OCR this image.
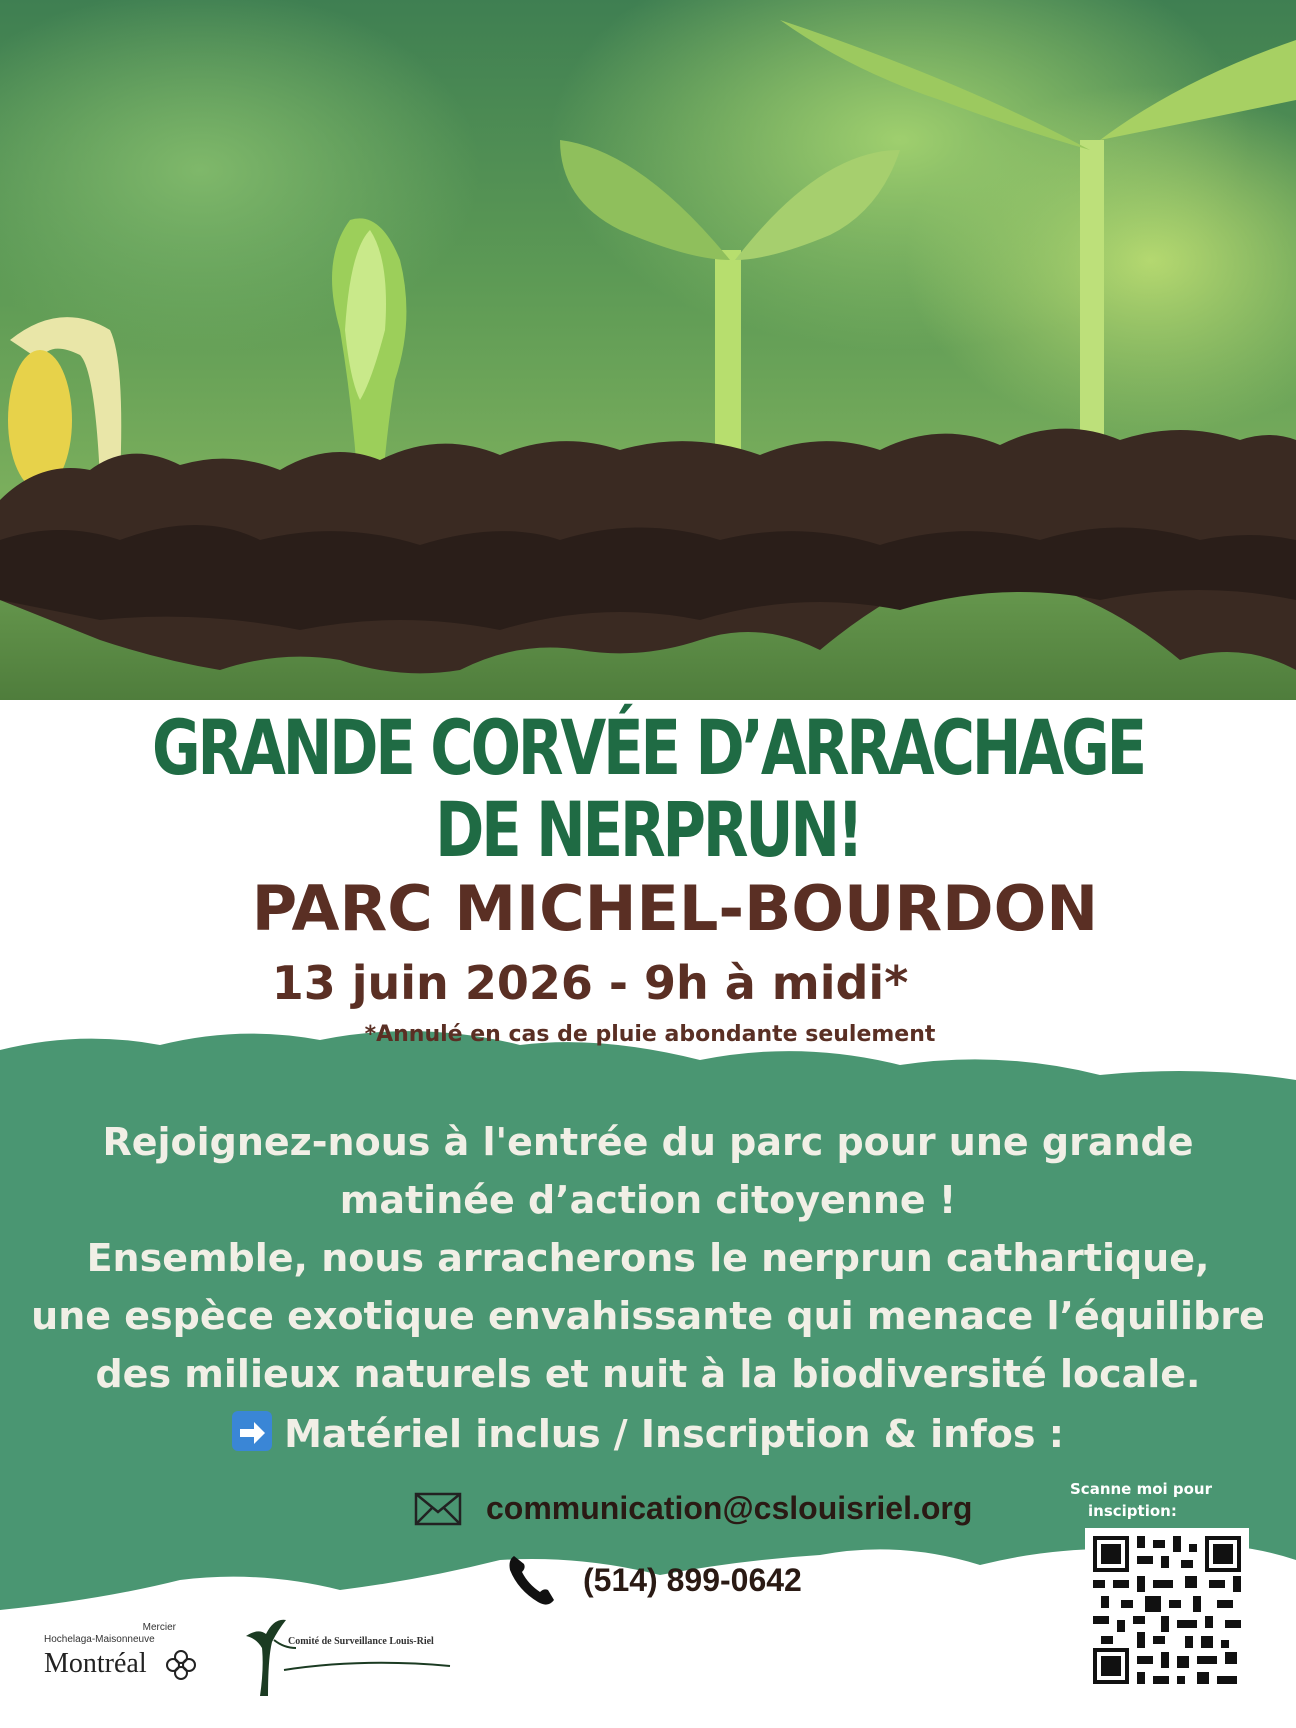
GRANDE CORVÉE D’ARRACHAGE
DE NERPRUN!
PARC MICHEL-BOURDON
13 juin 2026 - 9h à midi*
*Annulé en cas de pluie abondante seulement
Rejoignez-nous à l'entrée du parc pour une grande
matinée d’action citoyenne !
Ensemble, nous arracherons le nerprun cathartique,
une espèce exotique envahissante qui menace l’équilibre
des milieux naturels et nuit à la biodiversité locale.
Matériel inclus / Inscription & infos :
communication@cslouisriel.org
(514) 899-0642
Scanne moi pour
insciption:
Mercier
Hochelaga-Maisonneuve
Montréal
Comité de Surveillance Louis-Riel
